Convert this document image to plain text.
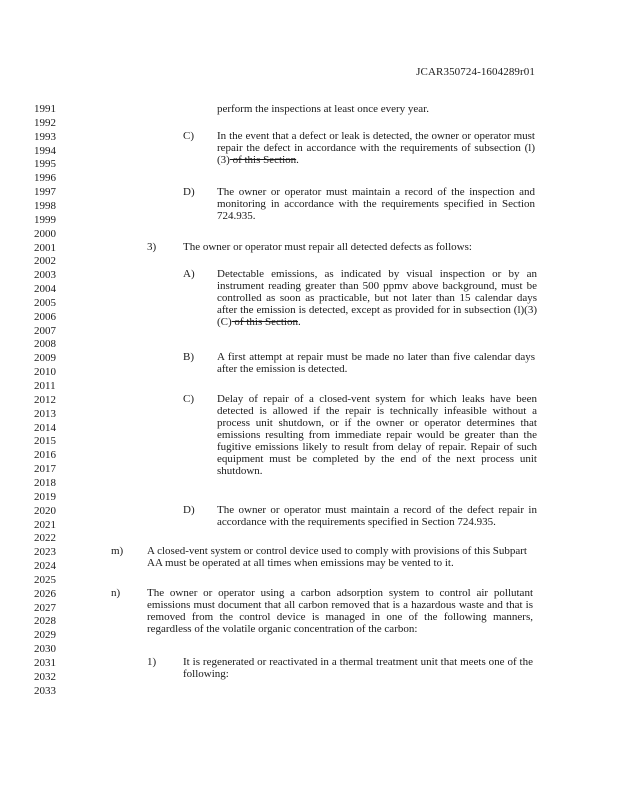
JCAR350724-1604289r01
1991
1992
1993
1994
1995
1996
1997
1998
1999
2000
2001
2002
2003
2004
2005
2006
2007
2008
2009
2010
2011
2012
2013
2014
2015
2016
2017
2018
2019
2020
2021
2022
2023
2024
2025
2026
2027
2028
2029
2030
2031
2032
2033
perform the inspections at least once every year.
C) In the event that a defect or leak is detected, the owner or operator must repair the defect in accordance with the requirements of subsection (l)(3) of this Section.
D) The owner or operator must maintain a record of the inspection and monitoring in accordance with the requirements specified in Section 724.935.
3) The owner or operator must repair all detected defects as follows:
A) Detectable emissions, as indicated by visual inspection or by an instrument reading greater than 500 ppmv above background, must be controlled as soon as practicable, but not later than 15 calendar days after the emission is detected, except as provided for in subsection (l)(3)(C) of this Section.
B) A first attempt at repair must be made no later than five calendar days after the emission is detected.
C) Delay of repair of a closed-vent system for which leaks have been detected is allowed if the repair is technically infeasible without a process unit shutdown, or if the owner or operator determines that emissions resulting from immediate repair would be greater than the fugitive emissions likely to result from delay of repair. Repair of such equipment must be completed by the end of the next process unit shutdown.
D) The owner or operator must maintain a record of the defect repair in accordance with the requirements specified in Section 724.935.
m) A closed-vent system or control device used to comply with provisions of this Subpart AA must be operated at all times when emissions may be vented to it.
n) The owner or operator using a carbon adsorption system to control air pollutant emissions must document that all carbon removed that is a hazardous waste and that is removed from the control device is managed in one of the following manners, regardless of the volatile organic concentration of the carbon:
1) It is regenerated or reactivated in a thermal treatment unit that meets one of the following:
